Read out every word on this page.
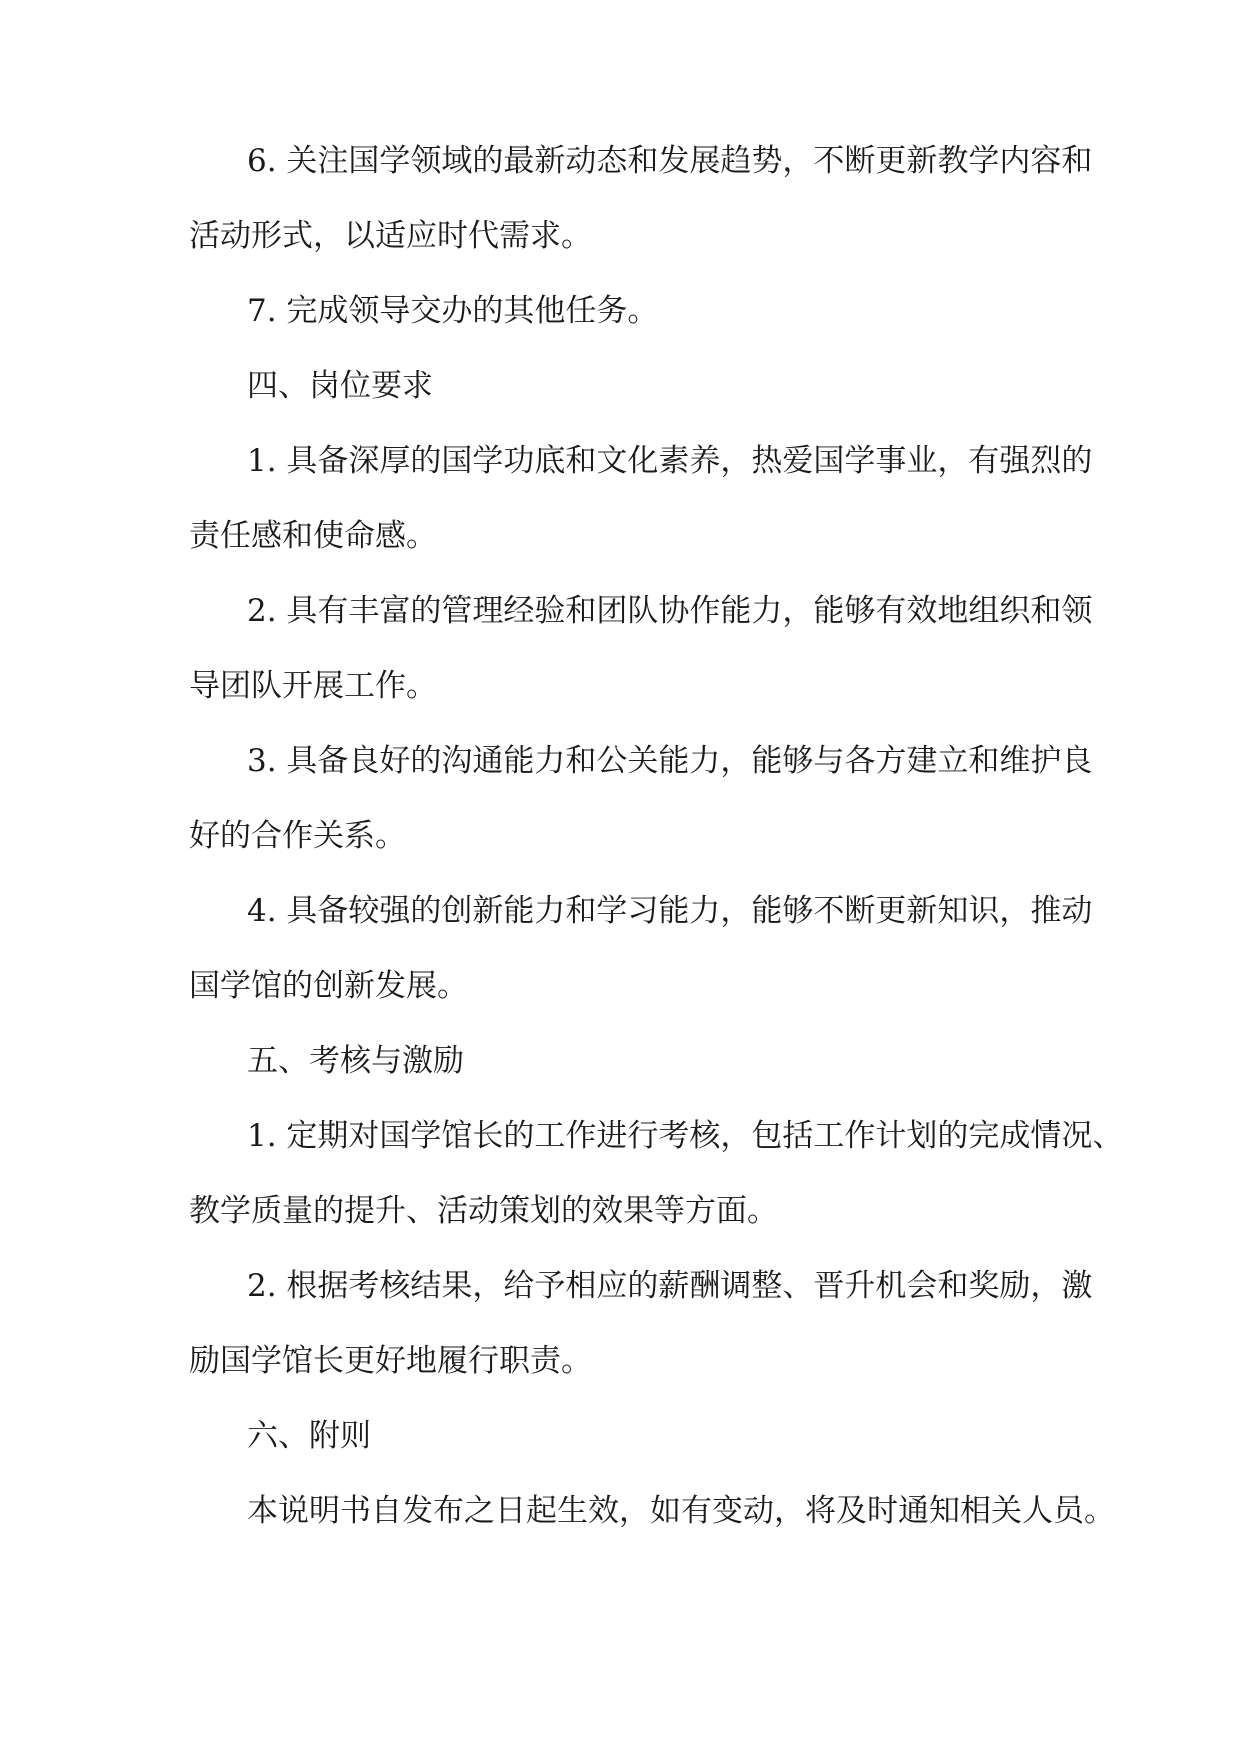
6. 关注国学领域的最新动态和发展趋势，不断更新教学内容和
活动形式，以适应时代需求。
7. 完成领导交办的其他任务。
四、岗位要求
1. 具备深厚的国学功底和文化素养，热爱国学事业，有强烈的
责任感和使命感。
2. 具有丰富的管理经验和团队协作能力，能够有效地组织和领
导团队开展工作。
3. 具备良好的沟通能力和公关能力，能够与各方建立和维护良
好的合作关系。
4. 具备较强的创新能力和学习能力，能够不断更新知识，推动
国学馆的创新发展。
五、考核与激励
1. 定期对国学馆长的工作进行考核，包括工作计划的完成情况、
教学质量的提升、活动策划的效果等方面。
2. 根据考核结果，给予相应的薪酬调整、晋升机会和奖励，激
励国学馆长更好地履行职责。
六、附则
本说明书自发布之日起生效，如有变动，将及时通知相关人员。
